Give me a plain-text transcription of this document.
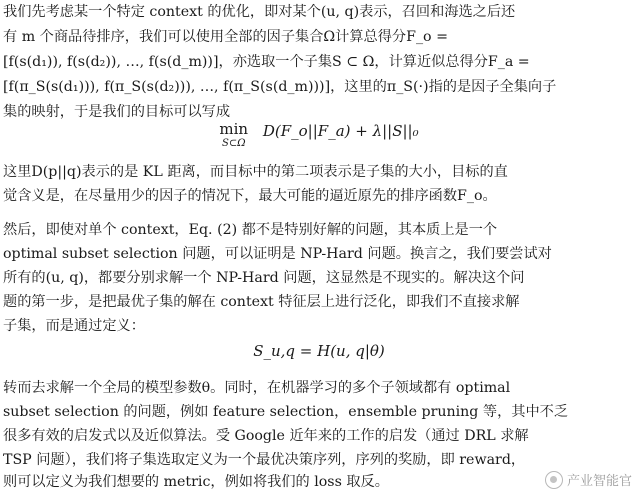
我们先考虑某一个特定 context 的优化，即对某个(u, q)表示，召回和海选之后还
有 m 个商品待排序，我们可以使用全部的因子集合Ω计算总得分F_o =
[f(s(d₁)), f(s(d₂)), …, f(s(d_m))]，亦选取一个子集S ⊂ Ω，计算近似总得分F_a =
[f(π_S(s(d₁))), f(π_S(s(d₂))), …, f(π_S(s(d_m)))]，这里的π_S(·)指的是因子全集向子
集的映射，于是我们的目标可以写成
min
S⊂Ω
D(F_o||F_a) + λ||S||₀
这里D(p||q)表示的是 KL 距离，而目标中的第二项表示是子集的大小，目标的直
觉含义是，在尽量用少的因子的情况下，最大可能的逼近原先的排序函数F_o。
然后，即使对单个 context，Eq. (2) 都不是特别好解的问题，其本质上是一个
optimal subset selection 问题，可以证明是 NP-Hard 问题。换言之，我们要尝试对
所有的(u, q)，都要分别求解一个 NP-Hard 问题，这显然是不现实的。解决这个问
题的第一步，是把最优子集的解在 context 特征层上进行泛化，即我们不直接求解
子集，而是通过定义：
S_u,q = H(u, q|θ)
转而去求解一个全局的模型参数θ。同时，在机器学习的多个子领域都有 optimal
subset selection 的问题，例如 feature selection，ensemble pruning 等，其中不乏
很多有效的启发式以及近似算法。受 Google 近年来的工作的启发（通过 DRL 求解
TSP 问题），我们将子集选取定义为一个最优决策序列，序列的奖励，即 reward，
则可以定义为我们想要的 metric，例如将我们的 loss 取反。	产业智能官
